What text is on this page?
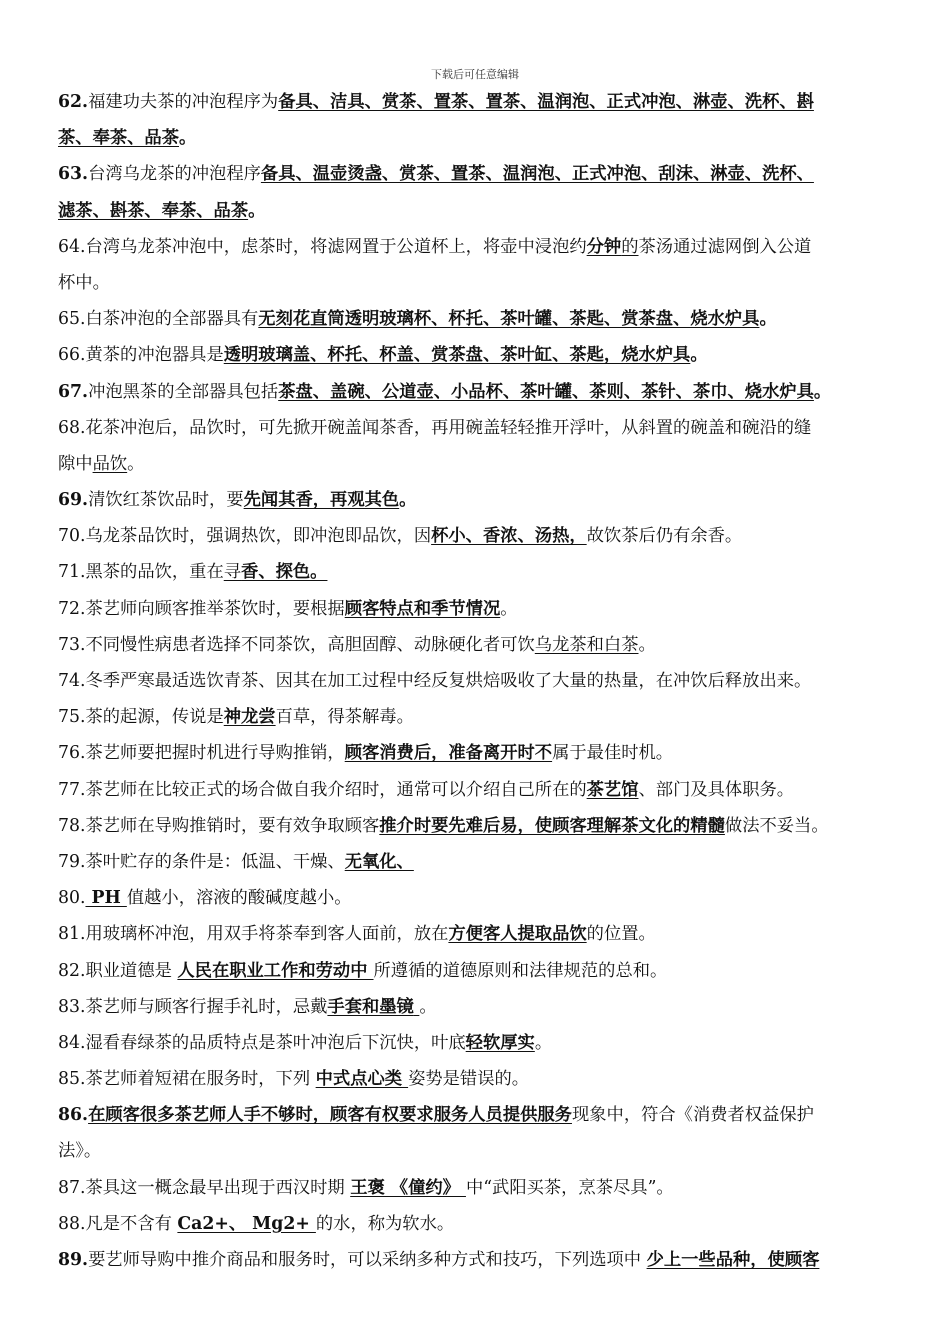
下载后可任意编辑
62.福建功夫茶的冲泡程序为备具、洁具、赏茶、置茶、置茶、温润泡、正式冲泡、淋壶、洗杯、斟
茶、奉茶、品茶。
63.台湾乌龙茶的冲泡程序备具、温壶烫盏、赏茶、置茶、温润泡、正式冲泡、刮沫、淋壶、洗杯、
滤茶、斟茶、奉茶、品茶。
64.台湾乌龙茶冲泡中，虑茶时，将滤网置于公道杯上，将壶中浸泡约分钟的茶汤通过滤网倒入公道
杯中。
65.白茶冲泡的全部器具有无刻花直筒透明玻璃杯、杯托、茶叶罐、茶匙、赏茶盘、烧水炉具。
66.黄茶的冲泡器具是透明玻璃盖、杯托、杯盖、赏茶盘、茶叶缸、茶匙，烧水炉具。
67.冲泡黑茶的全部器具包括茶盘、盖碗、公道壶、小品杯、茶叶罐、茶则、茶针、茶巾、烧水炉具。
68.花茶冲泡后，品饮时，可先掀开碗盖闻茶香，再用碗盖轻轻推开浮叶，从斜置的碗盖和碗沿的缝
隙中品饮。
69.清饮红茶饮品时，要先闻其香，再观其色。
70.乌龙茶品饮时，强调热饮，即冲泡即品饮，因杯小、香浓、汤热，故饮茶后仍有余香。
71.黑茶的品饮，重在寻香、探色。
72.茶艺师向顾客推举茶饮时，要根据顾客特点和季节情况。
73.不同慢性病患者选择不同茶饮，高胆固醇、动脉硬化者可饮乌龙茶和白茶。
74.冬季严寒最适选饮青茶、因其在加工过程中经反复烘焙吸收了大量的热量，在冲饮后释放出来。
75.茶的起源，传说是神龙尝百草，得茶解毒。
76.茶艺师要把握时机进行导购推销，顾客消费后，准备离开时不属于最佳时机。
77.茶艺师在比较正式的场合做自我介绍时，通常可以介绍自己所在的茶艺馆、部门及具体职务。
78.茶艺师在导购推销时，要有效争取顾客推介时要先难后易，使顾客理解茶文化的精髓做法不妥当。
79.茶叶贮存的条件是：低温、干燥、无氧化、
80. PH 值越小，溶液的酸碱度越小。
81.用玻璃杯冲泡，用双手将茶奉到客人面前，放在方便客人提取品饮的位置。
82.职业道德是 人民在职业工作和劳动中 所遵循的道德原则和法律规范的总和。
83.茶艺师与顾客行握手礼时，忌戴手套和墨镜 。
84.湿看春绿茶的品质特点是茶叶冲泡后下沉快，叶底轻软厚实。
85.茶艺师着短裙在服务时，下列 中式点心类 姿势是错误的。
86.在顾客很多茶艺师人手不够时，顾客有权要求服务人员提供服务现象中，符合《消费者权益保护
法》。
87.茶具这一概念最早出现于西汉时期 王褒 《僮约》 中“武阳买茶，烹茶尽具”。
88.凡是不含有 Ca2+、 Mg2+ 的水，称为软水。
89.要艺师导购中推介商品和服务时，可以采纳多种方式和技巧，下列选项中 少上一些品种，使顾客
